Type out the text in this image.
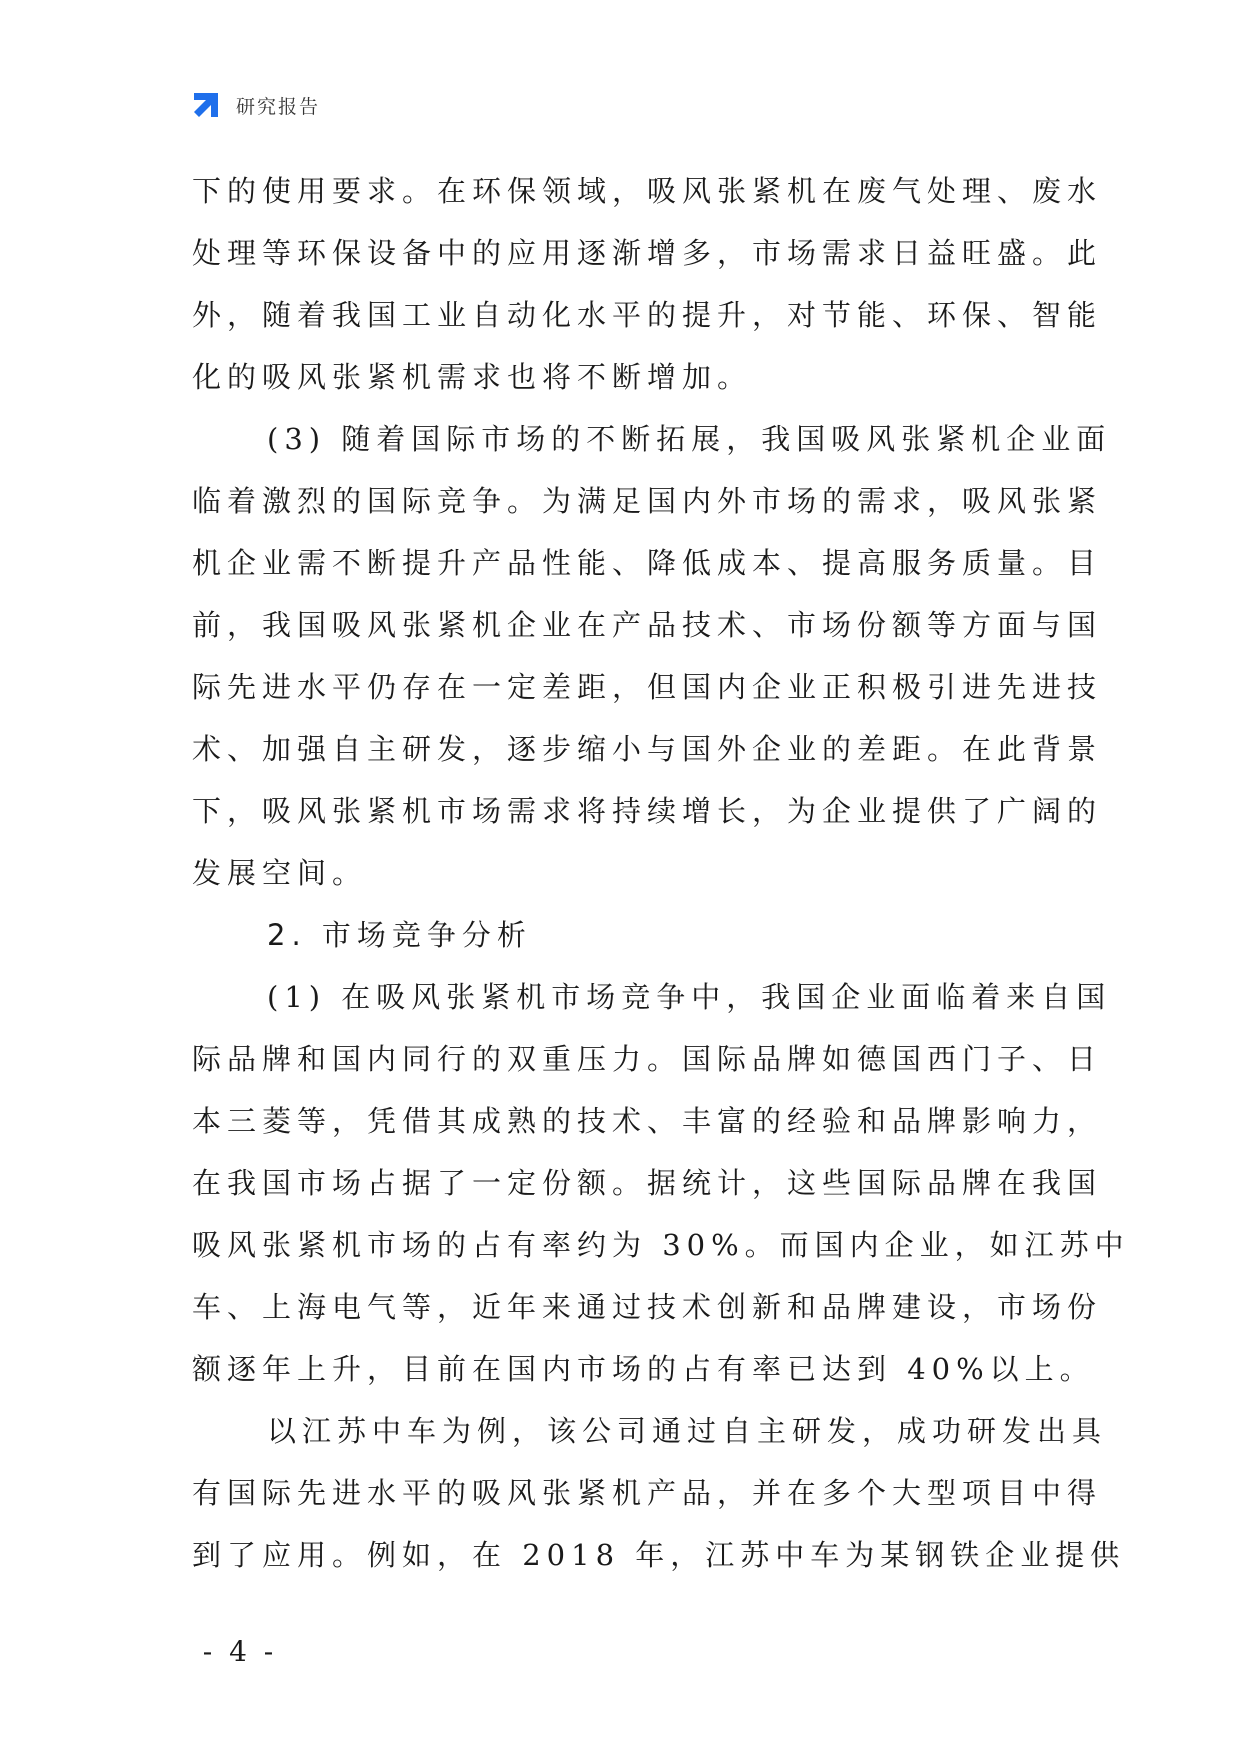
研究报告
下的使用要求。在环保领域，吸风张紧机在废气处理、废水
处理等环保设备中的应用逐渐增多，市场需求日益旺盛。此
外，随着我国工业自动化水平的提升，对节能、环保、智能
化的吸风张紧机需求也将不断增加。
(3) 随着国际市场的不断拓展，我国吸风张紧机企业面
临着激烈的国际竞争。为满足国内外市场的需求，吸风张紧
机企业需不断提升产品性能、降低成本、提高服务质量。目
前，我国吸风张紧机企业在产品技术、市场份额等方面与国
际先进水平仍存在一定差距，但国内企业正积极引进先进技
术、加强自主研发，逐步缩小与国外企业的差距。在此背景
下，吸风张紧机市场需求将持续增长，为企业提供了广阔的
发展空间。
2. 市场竞争分析
(1) 在吸风张紧机市场竞争中，我国企业面临着来自国
际品牌和国内同行的双重压力。国际品牌如德国西门子、日
本三菱等，凭借其成熟的技术、丰富的经验和品牌影响力，
在我国市场占据了一定份额。据统计，这些国际品牌在我国
吸风张紧机市场的占有率约为 30%。而国内企业，如江苏中
车、上海电气等，近年来通过技术创新和品牌建设，市场份
额逐年上升，目前在国内市场的占有率已达到 40%以上。
以江苏中车为例，该公司通过自主研发，成功研发出具
有国际先进水平的吸风张紧机产品，并在多个大型项目中得
到了应用。例如，在 2018 年，江苏中车为某钢铁企业提供
- 4 -
